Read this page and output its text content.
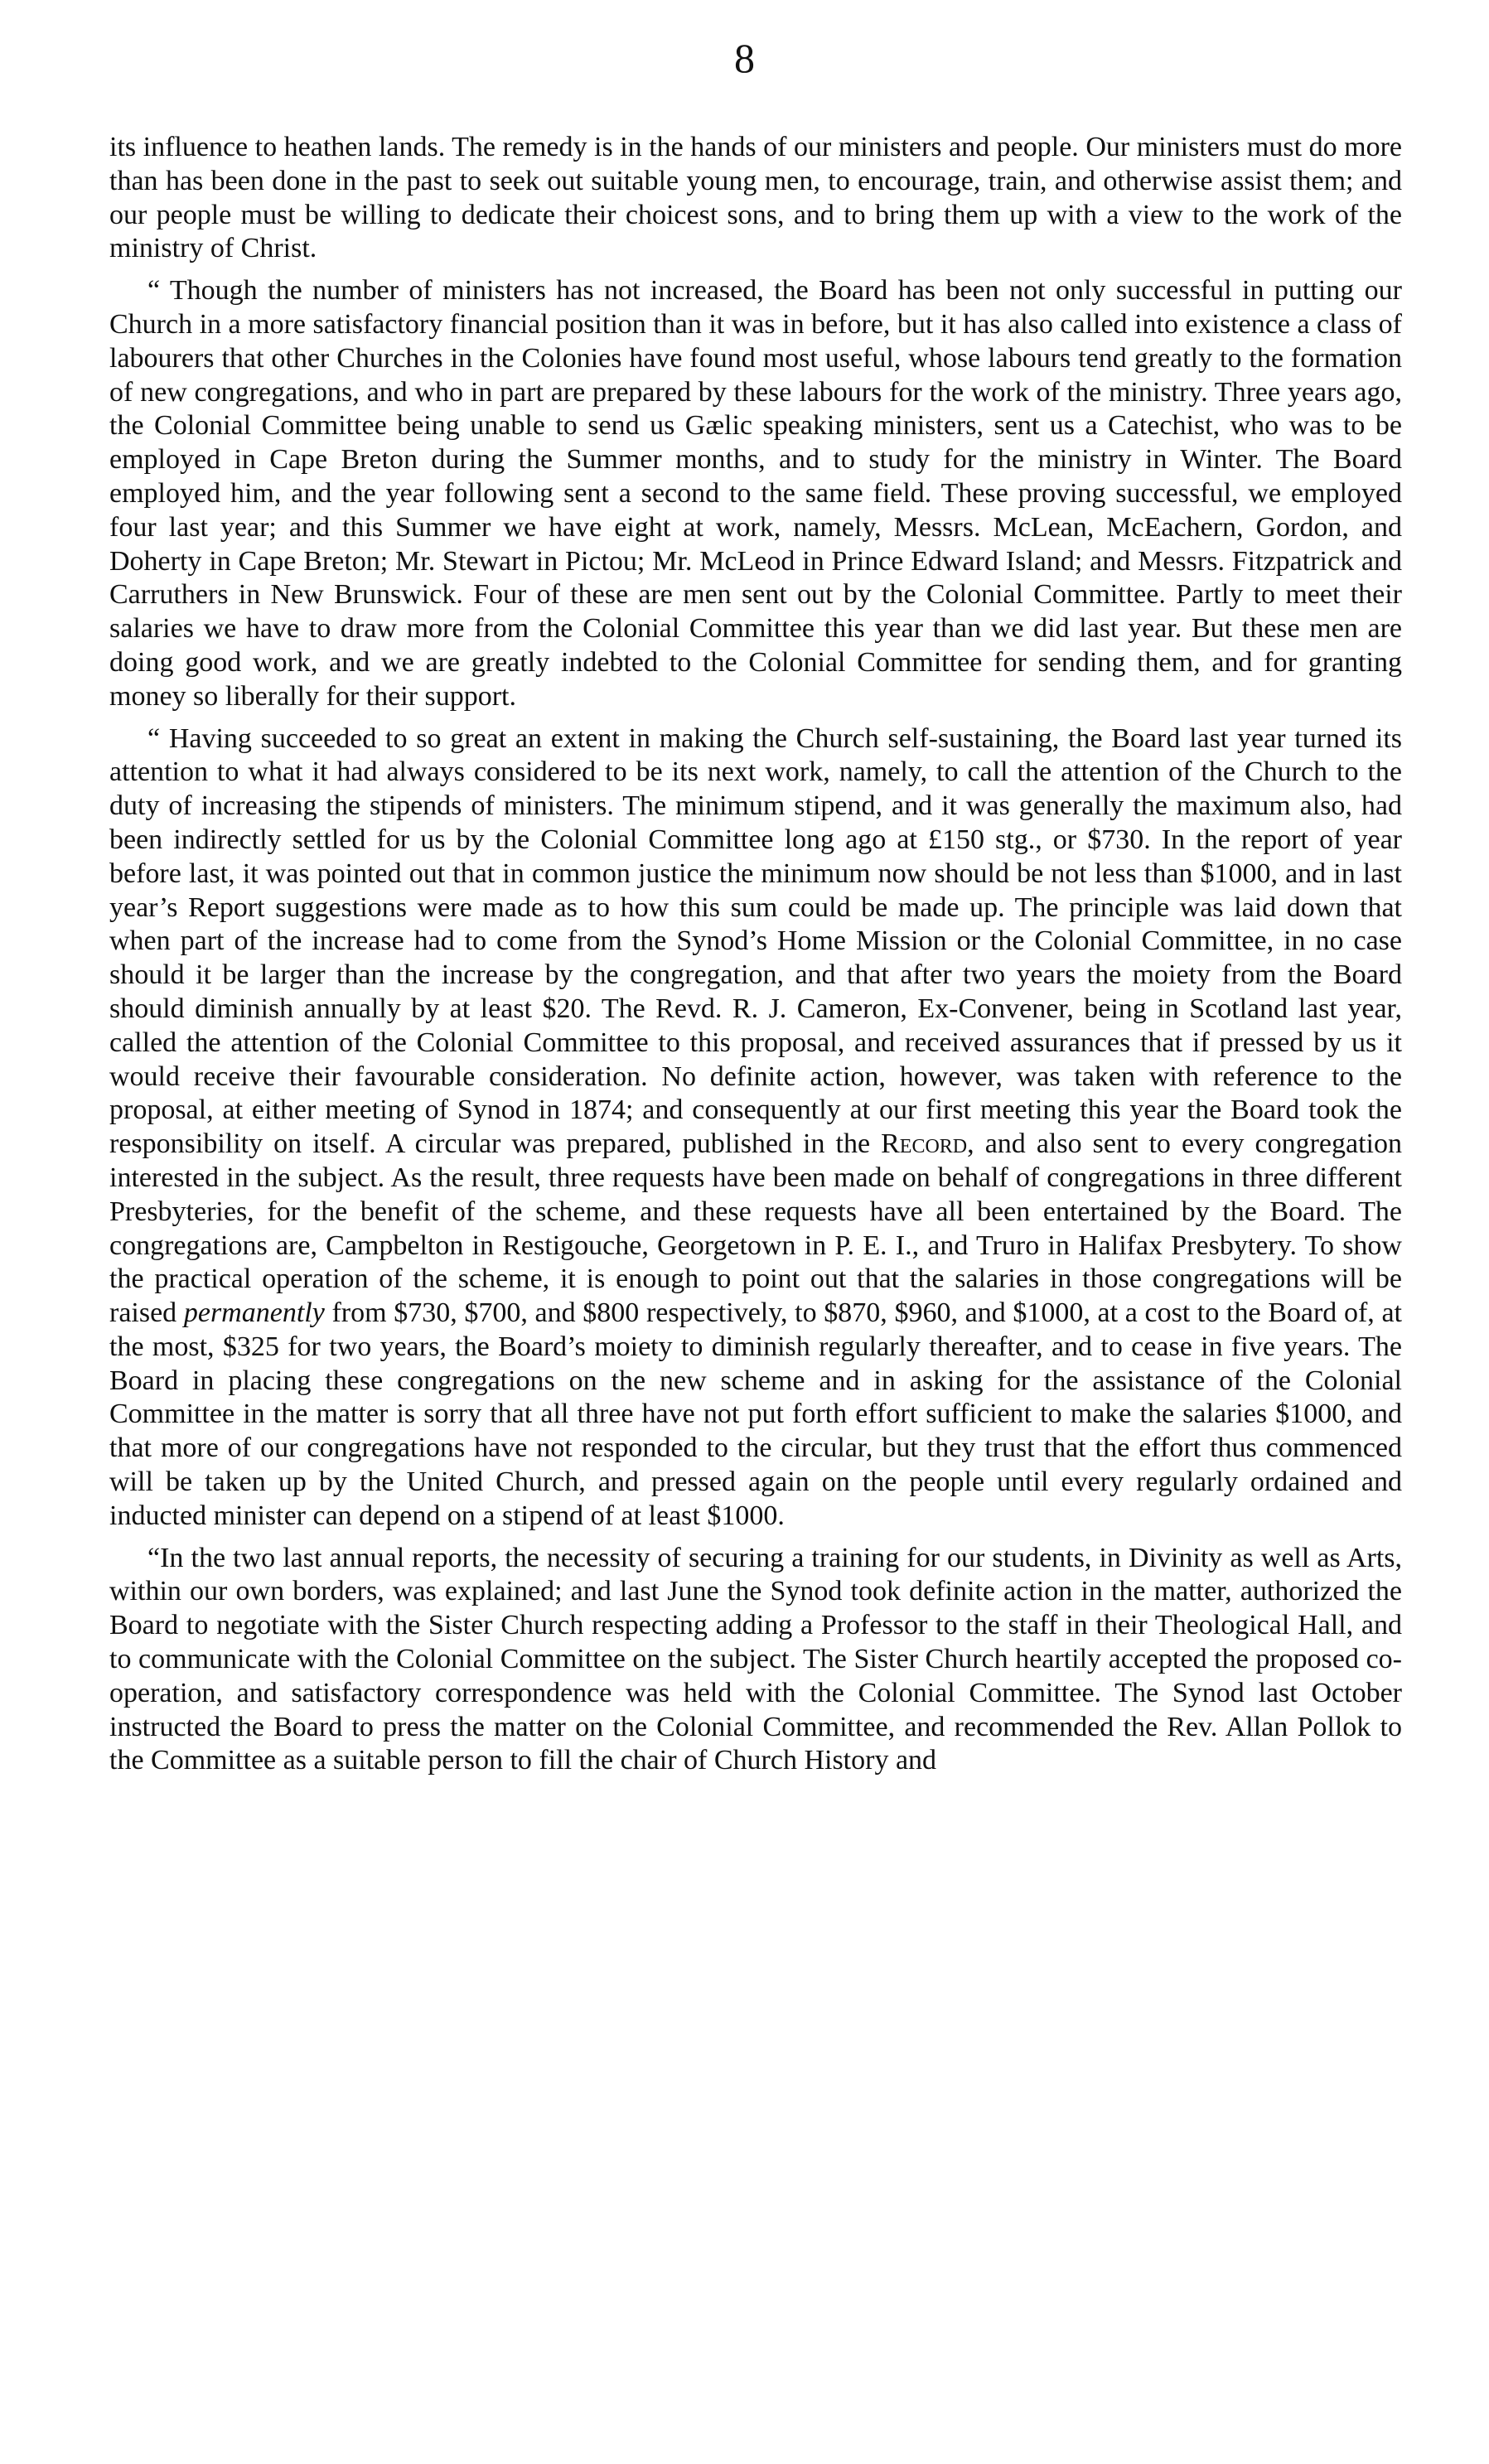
8

its influence to heathen lands. The remedy is in the hands of our ministers and people. Our ministers must do more than has been done in the past to seek out suitable young men, to encourage, train, and otherwise assist them; and our people must be willing to dedicate their choicest sons, and to bring them up with a view to the work of the ministry of Christ.

“ Though the number of ministers has not increased, the Board has been not only successful in putting our Church in a more satisfactory financial position than it was in before, but it has also called into existence a class of labourers that other Churches in the Colonies have found most useful, whose labours tend greatly to the formation of new congregations, and who in part are prepared by these labours for the work of the ministry. Three years ago, the Colonial Committee being unable to send us Gælic speaking ministers, sent us a Catechist, who was to be employed in Cape Breton during the Summer months, and to study for the ministry in Winter. The Board employed him, and the year following sent a second to the same field. These proving successful, we employed four last year; and this Summer we have eight at work, namely, Messrs. McLean, McEachern, Gordon, and Doherty in Cape Breton; Mr. Stewart in Pictou; Mr. McLeod in Prince Edward Island; and Messrs. Fitzpatrick and Carruthers in New Brunswick. Four of these are men sent out by the Colonial Committee. Partly to meet their salaries we have to draw more from the Colonial Committee this year than we did last year. But these men are doing good work, and we are greatly indebted to the Colonial Committee for sending them, and for granting money so liberally for their support.

“ Having succeeded to so great an extent in making the Church self-sustaining, the Board last year turned its attention to what it had always considered to be its next work, namely, to call the attention of the Church to the duty of increasing the stipends of ministers. The minimum stipend, and it was generally the maximum also, had been indirectly settled for us by the Colonial Committee long ago at £150 stg., or $730. In the report of year before last, it was pointed out that in common justice the minimum now should be not less than $1000, and in last year’s Report suggestions were made as to how this sum could be made up. The principle was laid down that when part of the increase had to come from the Synod’s Home Mission or the Colonial Committee, in no case should it be larger than the increase by the congregation, and that after two years the moiety from the Board should diminish annually by at least $20. The Revd. R. J. Cameron, Ex-Convener, being in Scotland last year, called the attention of the Colonial Committee to this proposal, and received assurances that if pressed by us it would receive their favourable consideration. No definite action, however, was taken with reference to the proposal, at either meeting of Synod in 1874; and consequently at our first meeting this year the Board took the responsibility on itself. A circular was prepared, published in the Record, and also sent to every congregation interested in the subject. As the result, three requests have been made on behalf of congregations in three different Presbyteries, for the benefit of the scheme, and these requests have all been entertained by the Board. The congregations are, Campbelton in Restigouche, Georgetown in P. E. I., and Truro in Halifax Presbytery. To show the practical operation of the scheme, it is enough to point out that the salaries in those congregations will be raised permanently from $730, $700, and $800 respectively, to $870, $960, and $1000, at a cost to the Board of, at the most, $325 for two years, the Board’s moiety to diminish regularly thereafter, and to cease in five years. The Board in placing these congregations on the new scheme and in asking for the assistance of the Colonial Committee in the matter is sorry that all three have not put forth effort sufficient to make the salaries $1000, and that more of our congregations have not responded to the circular, but they trust that the effort thus commenced will be taken up by the United Church, and pressed again on the people until every regularly ordained and inducted minister can depend on a stipend of at least $1000.

“In the two last annual reports, the necessity of securing a training for our students, in Divinity as well as Arts, within our own borders, was explained; and last June the Synod took definite action in the matter, authorized the Board to negotiate with the Sister Church respecting adding a Professor to the staff in their Theological Hall, and to communicate with the Colonial Committee on the subject. The Sister Church heartily accepted the proposed co-operation, and satisfactory correspondence was held with the Colonial Committee. The Synod last October instructed the Board to press the matter on the Colonial Committee, and recommended the Rev. Allan Pollok to the Committee as a suitable person to fill the chair of Church History and
